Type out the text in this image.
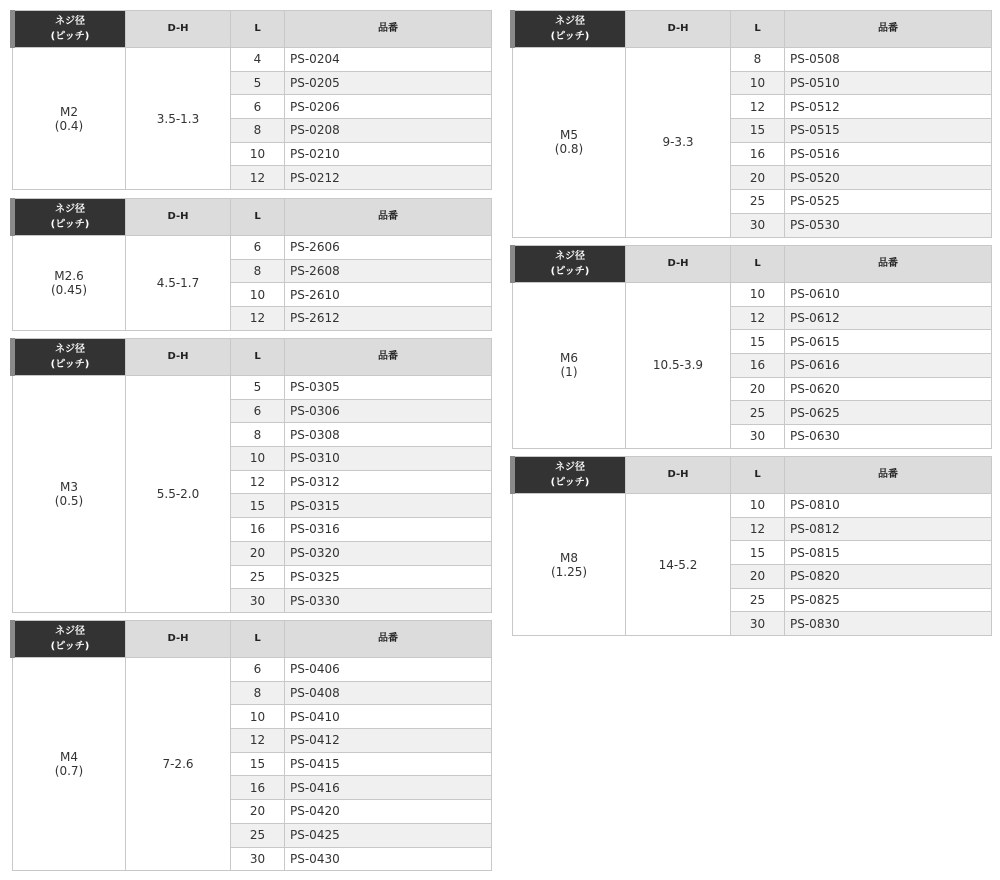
ネジ径
(ピッチ)	D-H	L	品番

M2
(0.4)	3.5-1.3	4	PS-0204
		5	PS-0205
		6	PS-0206
		8	PS-0208
		10	PS-0210
		12	PS-0212
ネジ径
(ピッチ)	D-H	L	品番

M2.6
(0.45)	4.5-1.7	6	PS-2606
		8	PS-2608
		10	PS-2610
		12	PS-2612
ネジ径
(ピッチ)	D-H	L	品番

M3
(0.5)	5.5-2.0	5	PS-0305
		6	PS-0306
		8	PS-0308
		10	PS-0310
		12	PS-0312
		15	PS-0315
		16	PS-0316
		20	PS-0320
		25	PS-0325
		30	PS-0330
ネジ径
(ピッチ)	D-H	L	品番

M4
(0.7)	7-2.6	6	PS-0406
		8	PS-0408
		10	PS-0410
		12	PS-0412
		15	PS-0415
		16	PS-0416
		20	PS-0420
		25	PS-0425
		30	PS-0430
ネジ径
(ピッチ)	D-H	L	品番

M5
(0.8)	9-3.3	8	PS-0508
		10	PS-0510
		12	PS-0512
		15	PS-0515
		16	PS-0516
		20	PS-0520
		25	PS-0525
		30	PS-0530
ネジ径
(ピッチ)	D-H	L	品番

M6
(1)	10.5-3.9	10	PS-0610
		12	PS-0612
		15	PS-0615
		16	PS-0616
		20	PS-0620
		25	PS-0625
		30	PS-0630
ネジ径
(ピッチ)	D-H	L	品番

M8
(1.25)	14-5.2	10	PS-0810
		12	PS-0812
		15	PS-0815
		20	PS-0820
		25	PS-0825
		30	PS-0830
